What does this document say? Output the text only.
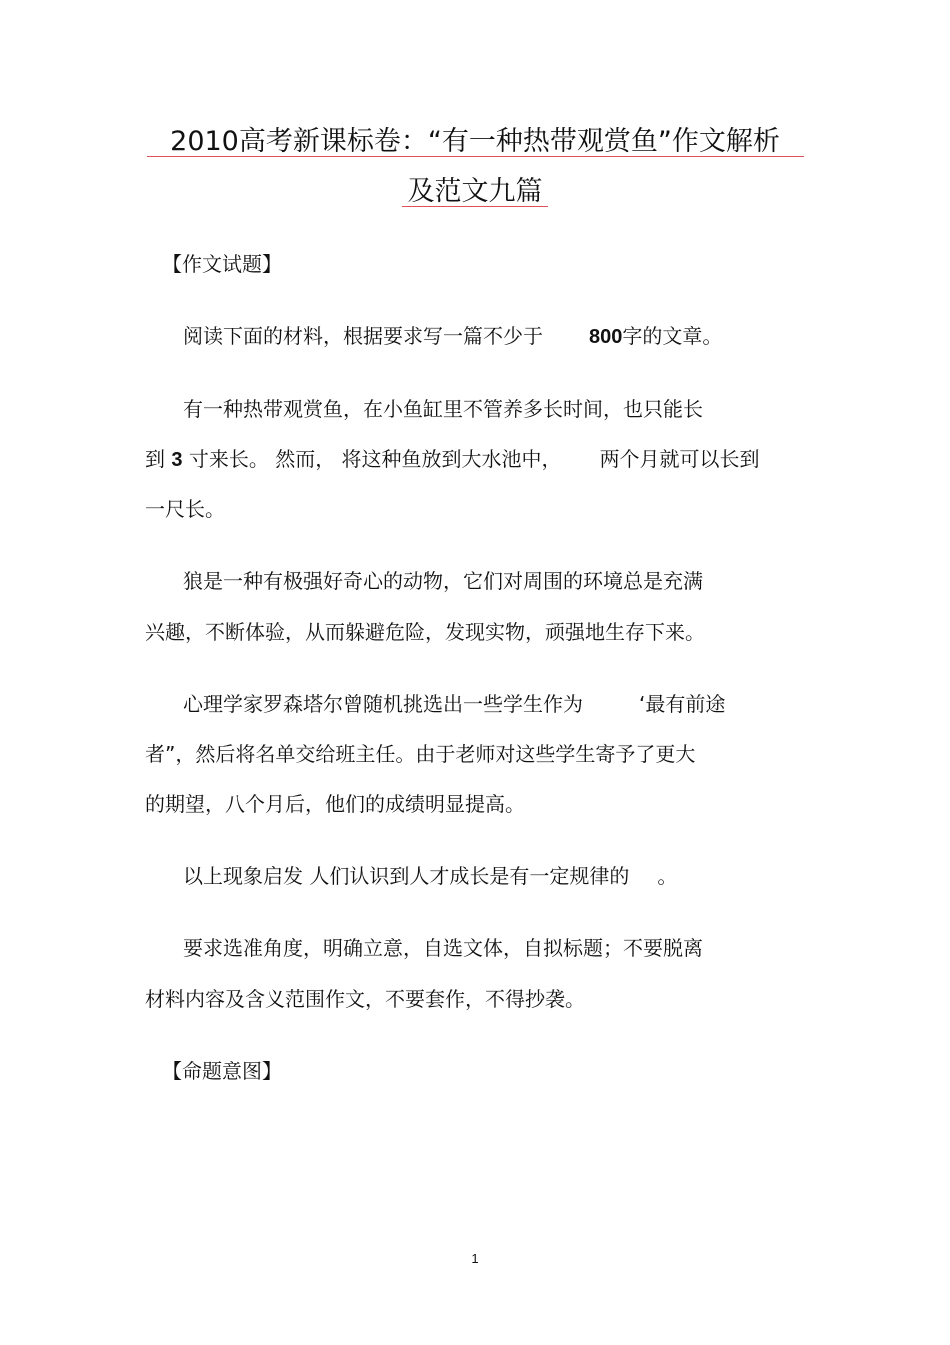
2010高考新课标卷：“有一种热带观赏鱼”作文解析
及范文九篇
【作文试题】
阅读下面的材料，根据要求写一篇不少于 800字的文章。
有一种热带观赏鱼，在小鱼缸里不管养多长时间，也只能长
到 3 寸来长。 然而， 将这种鱼放到大水池中， 两个月就可以长到
一尺长。
狼是一种有极强好奇心的动物，它们对周围的环境总是充满
兴趣，不断体验，从而躲避危险，发现实物，顽强地生存下来。
心理学家罗森塔尔曾随机挑选出一些学生作为	‘最有前途
者”，然后将名单交给班主任。由于老师对这些学生寄予了更大
的期望，八个月后，他们的成绩明显提高。
以上现象启发 人们认识到人才成长是有一定规律的 。
要求选准角度，明确立意，自选文体，自拟标题；不要脱离
材料内容及含义范围作文，不要套作，不得抄袭。
【命题意图】
1
